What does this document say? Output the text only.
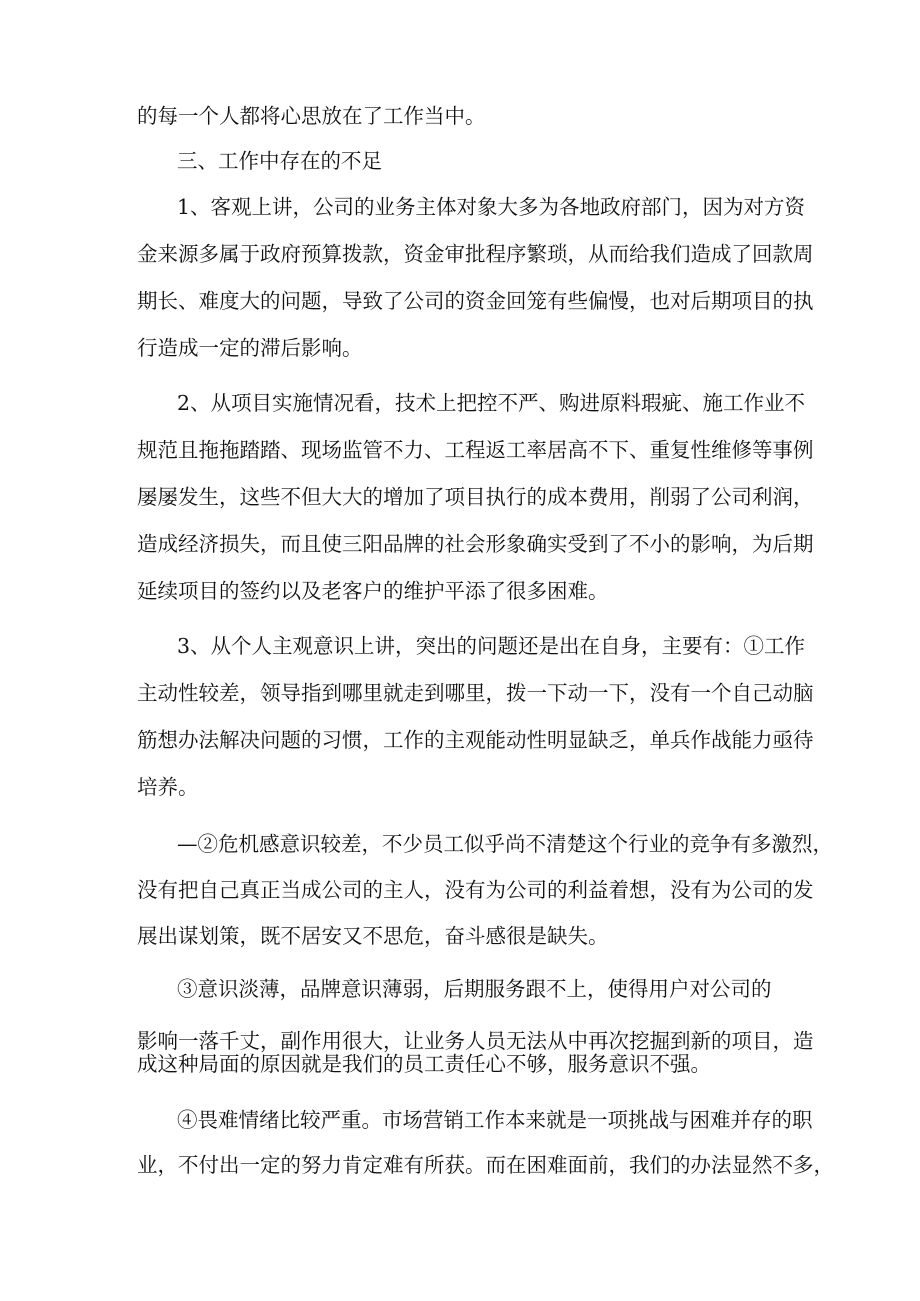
的每一个人都将心思放在了工作当中。
三、工作中存在的不足
1、客观上讲，公司的业务主体对象大多为各地政府部门，因为对方资
金来源多属于政府预算拨款，资金审批程序繁琐，从而给我们造成了回款周
期长、难度大的问题，导致了公司的资金回笼有些偏慢，也对后期项目的执
行造成一定的滞后影响。
2、从项目实施情况看，技术上把控不严、购进原料瑕疵、施工作业不
规范且拖拖踏踏、现场监管不力、工程返工率居高不下、重复性维修等事例
屡屡发生，这些不但大大的增加了项目执行的成本费用，削弱了公司利润，
造成经济损失，而且使三阳品牌的社会形象确实受到了不小的影响，为后期
延续项目的签约以及老客户的维护平添了很多困难。
3、从个人主观意识上讲，突出的问题还是出在自身，主要有：①工作
主动性较差，领导指到哪里就走到哪里，拨一下动一下，没有一个自己动脑
筋想办法解决问题的习惯，工作的主观能动性明显缺乏，单兵作战能力亟待
培养。
—②危机感意识较差，不少员工似乎尚不清楚这个行业的竞争有多激烈，
没有把自己真正当成公司的主人，没有为公司的利益着想，没有为公司的发
展出谋划策，既不居安又不思危，奋斗感很是缺失。
③意识淡薄，品牌意识薄弱，后期服务跟不上，使得用户对公司的
影响一落千丈，副作用很大，让业务人员无法从中再次挖掘到新的项目，造
成这种局面的原因就是我们的员工责任心不够，服务意识不强。
④畏难情绪比较严重。市场营销工作本来就是一项挑战与困难并存的职
业，不付出一定的努力肯定难有所获。而在困难面前，我们的办法显然不多，
